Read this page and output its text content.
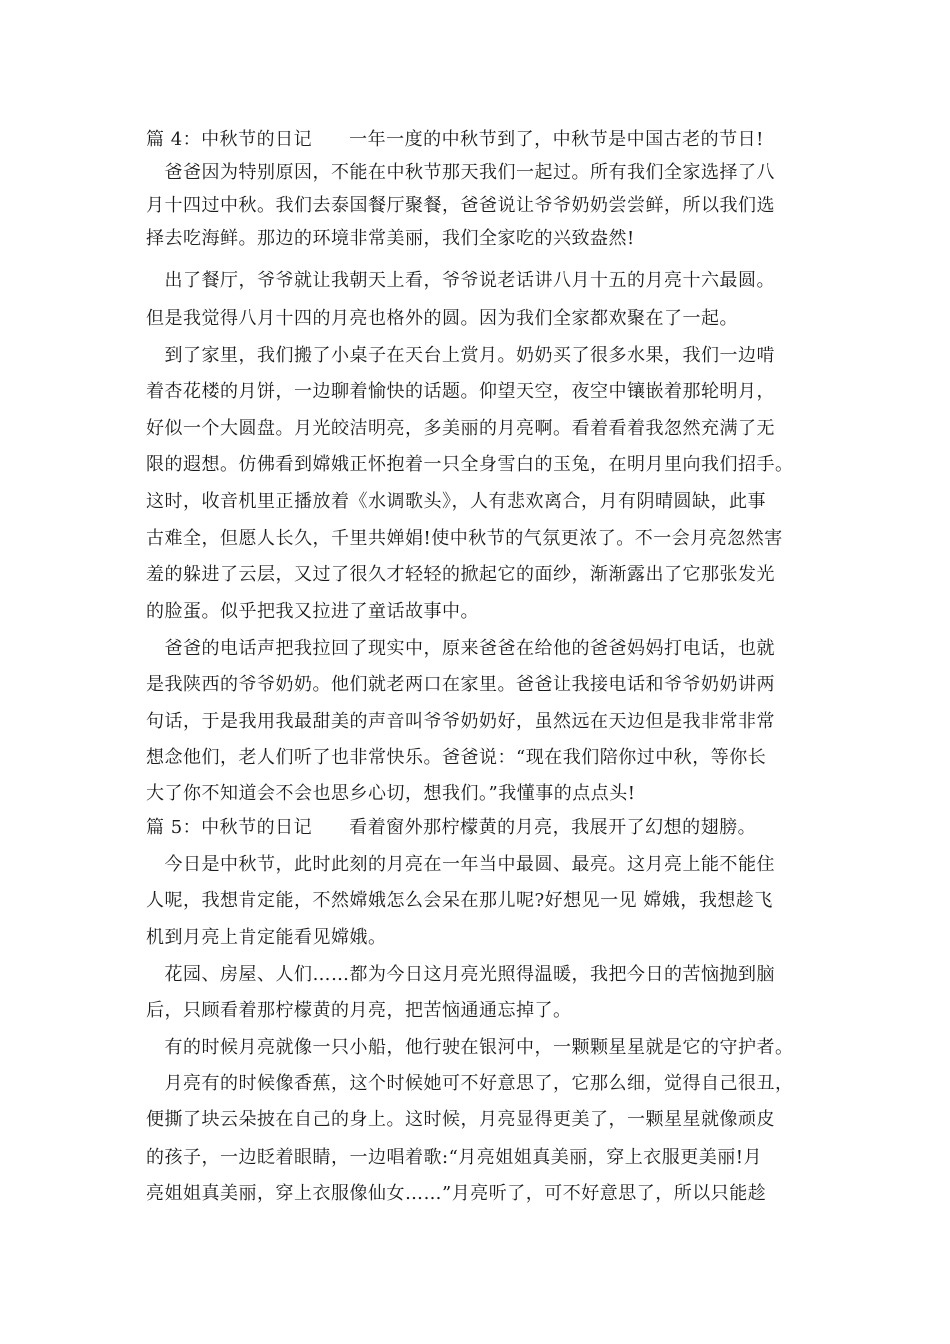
篇 4：中秋节的日记　　一年一度的中秋节到了，中秋节是中国古老的节日!
　爸爸因为特别原因，不能在中秋节那天我们一起过。所有我们全家选择了八
月十四过中秋。我们去泰国餐厅聚餐，爸爸说让爷爷奶奶尝尝鲜，所以我们选
择去吃海鲜。那边的环境非常美丽，我们全家吃的兴致盎然!
　出了餐厅，爷爷就让我朝天上看，爷爷说老话讲八月十五的月亮十六最圆。
但是我觉得八月十四的月亮也格外的圆。因为我们全家都欢聚在了一起。
　到了家里，我们搬了小桌子在天台上赏月。奶奶买了很多水果，我们一边啃
着杏花楼的月饼，一边聊着愉快的话题。仰望天空，夜空中镶嵌着那轮明月，
好似一个大圆盘。月光皎洁明亮，多美丽的月亮啊。看着看着我忽然充满了无
限的遐想。仿佛看到嫦娥正怀抱着一只全身雪白的玉兔，在明月里向我们招手。
这时，收音机里正播放着《水调歌头》，人有悲欢离合，月有阴晴圆缺，此事
古难全，但愿人长久，千里共婵娟!使中秋节的气氛更浓了。不一会月亮忽然害
羞的躲进了云层，又过了很久才轻轻的掀起它的面纱，渐渐露出了它那张发光
的脸蛋。似乎把我又拉进了童话故事中。
　爸爸的电话声把我拉回了现实中，原来爸爸在给他的爸爸妈妈打电话，也就
是我陕西的爷爷奶奶。他们就老两口在家里。爸爸让我接电话和爷爷奶奶讲两
句话，于是我用我最甜美的声音叫爷爷奶奶好，虽然远在天边但是我非常非常
想念他们，老人们听了也非常快乐。爸爸说：“现在我们陪你过中秋，等你长
大了你不知道会不会也思乡心切，想我们。”我懂事的点点头!
篇 5：中秋节的日记　　看着窗外那柠檬黄的月亮，我展开了幻想的翅膀。
　今日是中秋节，此时此刻的月亮在一年当中最圆、最亮。这月亮上能不能住
人呢，我想肯定能，不然嫦娥怎么会呆在那儿呢?好想见一见 嫦娥，我想趁飞
机到月亮上肯定能看见嫦娥。
　花园、房屋、人们……都为今日这月亮光照得温暖，我把今日的苦恼抛到脑
后，只顾看着那柠檬黄的月亮，把苦恼通通忘掉了。
　有的时候月亮就像一只小船，他行驶在银河中，一颗颗星星就是它的守护者。
　月亮有的时候像香蕉，这个时候她可不好意思了，它那么细，觉得自己很丑，
便撕了块云朵披在自己的身上。这时候，月亮显得更美了，一颗星星就像顽皮
的孩子，一边眨着眼睛，一边唱着歌:“月亮姐姐真美丽，穿上衣服更美丽!月
亮姐姐真美丽，穿上衣服像仙女……”月亮听了，可不好意思了，所以只能趁
